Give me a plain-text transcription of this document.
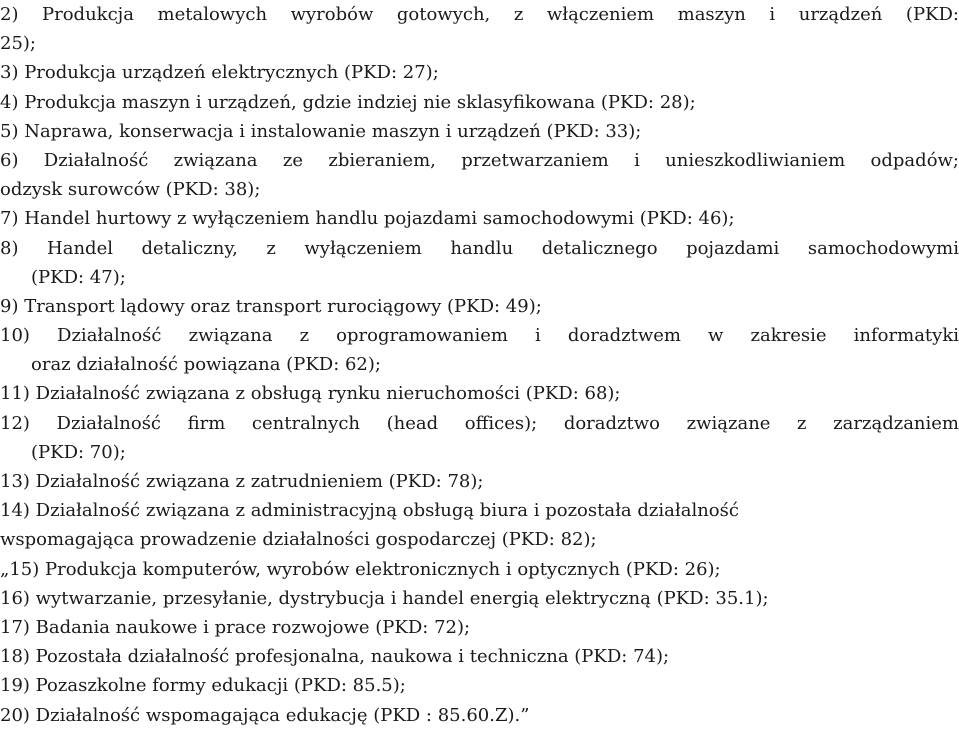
2) Produkcja metalowych wyrobów gotowych, z włączeniem maszyn i urządzeń (PKD:
25);
3) Produkcja urządzeń elektrycznych (PKD: 27);
4) Produkcja maszyn i urządzeń, gdzie indziej nie sklasyfikowana (PKD: 28);
5) Naprawa, konserwacja i instalowanie maszyn i urządzeń (PKD: 33);
6) Działalność związana ze zbieraniem, przetwarzaniem i unieszkodliwianiem odpadów;
odzysk surowców (PKD: 38);
7) Handel hurtowy z wyłączeniem handlu pojazdami samochodowymi (PKD: 46);
8) Handel detaliczny, z wyłączeniem handlu detalicznego pojazdami samochodowymi
(PKD: 47);
9) Transport lądowy oraz transport rurociągowy (PKD: 49);
10) Działalność związana z oprogramowaniem i doradztwem w zakresie informatyki
oraz działalność powiązana (PKD: 62);
11) Działalność związana z obsługą rynku nieruchomości (PKD: 68);
12) Działalność firm centralnych (head offices); doradztwo związane z zarządzaniem
(PKD: 70);
13) Działalność związana z zatrudnieniem (PKD: 78);
14) Działalność związana z administracyjną obsługą biura i pozostała działalność
wspomagająca prowadzenie działalności gospodarczej (PKD: 82);
„15) Produkcja komputerów, wyrobów elektronicznych i optycznych (PKD: 26);
16) wytwarzanie, przesyłanie, dystrybucja i handel energią elektryczną (PKD: 35.1);
17) Badania naukowe i prace rozwojowe (PKD: 72);
18) Pozostała działalność profesjonalna, naukowa i techniczna (PKD: 74);
19) Pozaszkolne formy edukacji (PKD: 85.5);
20) Działalność wspomagająca edukację (PKD : 85.60.Z).”
